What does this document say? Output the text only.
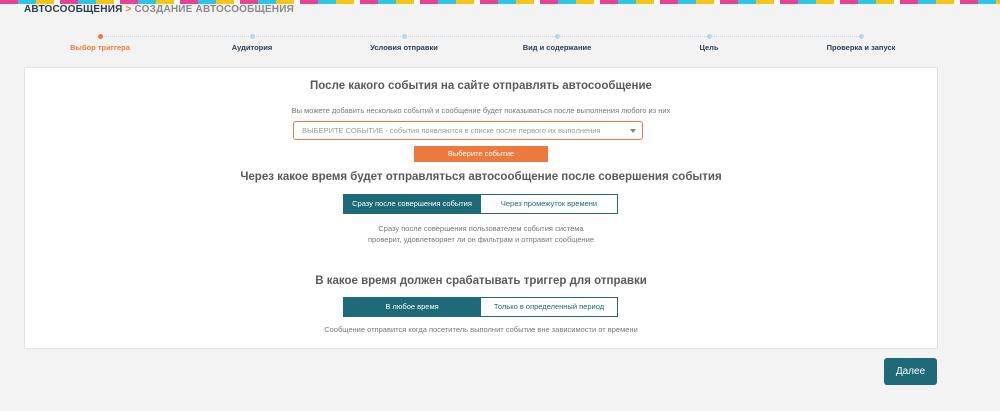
АВТОСООБЩЕНИЯ > СОЗДАНИЕ АВТОСООБЩЕНИЯ
Выбор триггера	Аудитория	Условия отправки	Вид и содержание	Цель	Проверка и запуск
После какого события на сайте отправлять автосообщение
Вы можете добавить несколько событий и сообщение будет показываться после выполнения любого из них
ВЫБЕРИТЕ СОБЫТИЕ - события появляются в списке после первого их выполнения
Выберите событие
Через какое время будет отправляться автосообщение после совершения события
Сразу после совершения события	Через промежуток времени
Сразу после совершения пользователем события система
проверит, удовлетворяет ли он фильтрам и отправит сообщение
В какое время должен срабатывать триггер для отправки
В любое время	Только в определенный период
Сообщение отправится когда посетитель выполнит событие вне зависимости от времени
Далее
